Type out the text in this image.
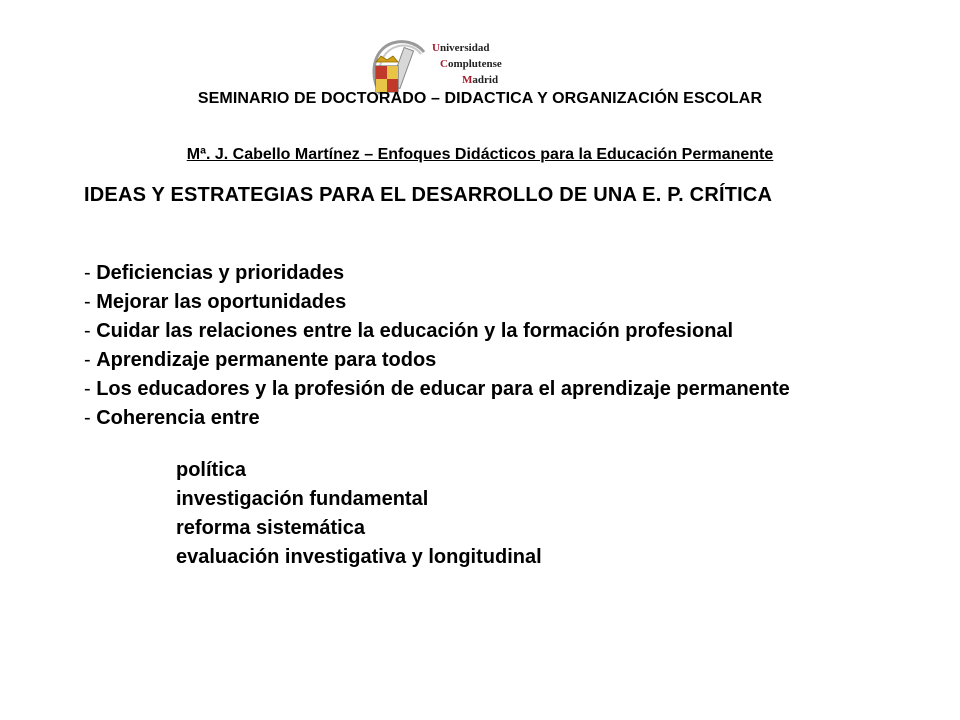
Universidad
Complutense
Madrid
SEMINARIO DE DOCTORADO – DIDACTICA Y ORGANIZACIÓN ESCOLAR
Mª. J. Cabello Martínez – Enfoques Didácticos para la Educación Permanente
IDEAS Y ESTRATEGIAS PARA EL DESARROLLO DE UNA E. P. CRÍTICA
- Deficiencias y prioridades
- Mejorar las oportunidades
- Cuidar las relaciones entre la educación y la formación profesional
- Aprendizaje permanente para todos
- Los educadores y la profesión de educar para el aprendizaje permanente
- Coherencia entre
política
investigación fundamental
reforma sistemática
evaluación investigativa y longitudinal
